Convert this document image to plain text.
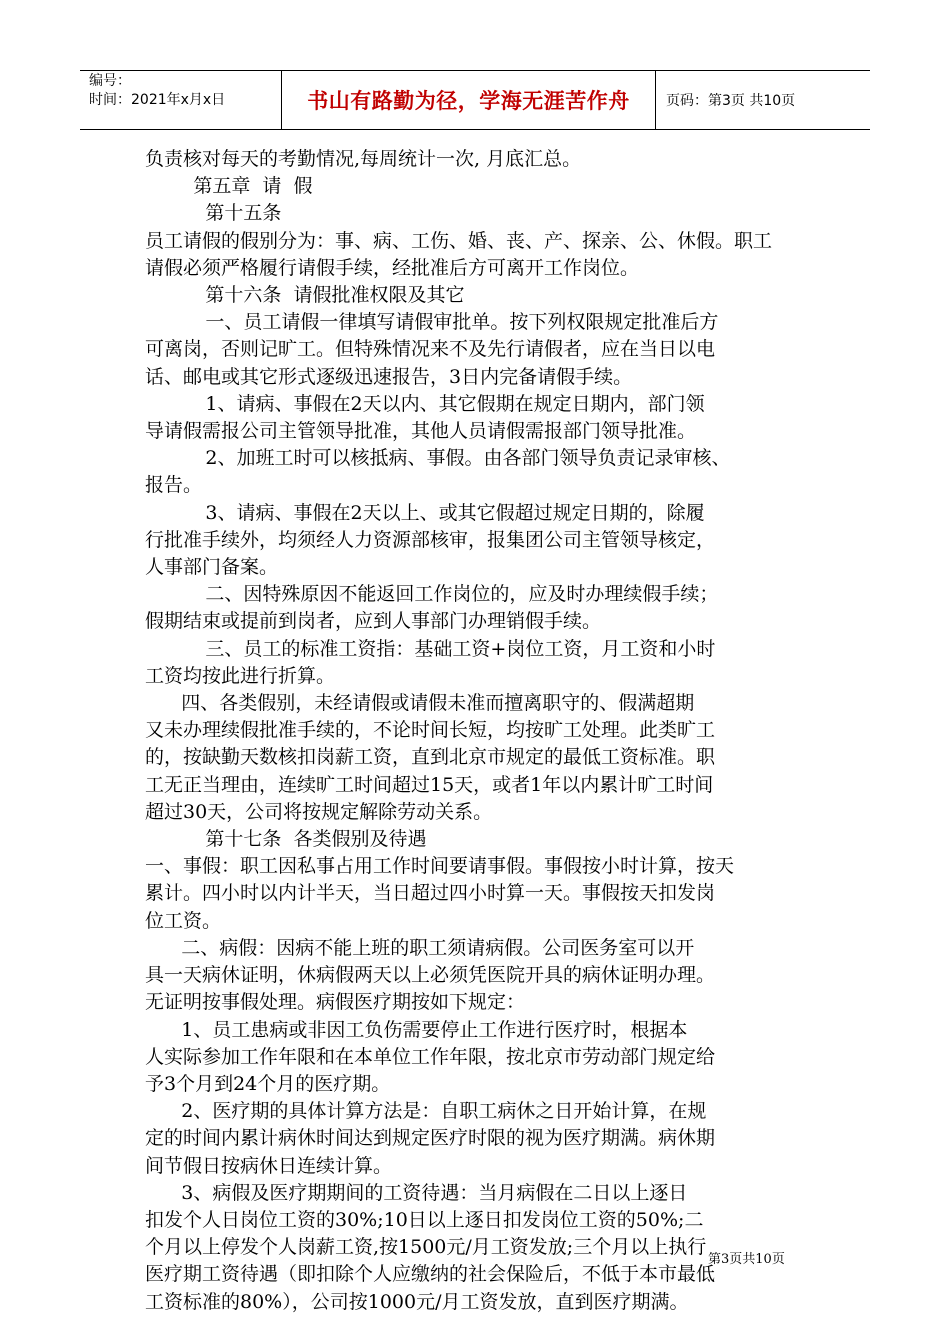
编号：
时间：2021年x月x日	书山有路勤为径，学海无涯苦作舟	页码：第3页 共10页

负责核对每天的考勤情况,每周统计一次, 月底汇总。

第五章  请  假

第十五条

员工请假的假别分为：事、病、工伤、婚、丧、产、探亲、公、休假。职工

请假必须严格履行请假手续，经批准后方可离开工作岗位。

第十六条  请假批准权限及其它

一、员工请假一律填写请假审批单。按下列权限规定批准后方

可离岗，否则记旷工。但特殊情况来不及先行请假者，应在当日以电

话、邮电或其它形式逐级迅速报告，3日内完备请假手续。

1、请病、事假在2天以内、其它假期在规定日期内，部门领

导请假需报公司主管领导批准，其他人员请假需报部门领导批准。

2、加班工时可以核抵病、事假。由各部门领导负责记录审核、

报告。

3、请病、事假在2天以上、或其它假超过规定日期的，除履

行批准手续外，均须经人力资源部核审，报集团公司主管领导核定，

人事部门备案。

二、因特殊原因不能返回工作岗位的，应及时办理续假手续；

假期结束或提前到岗者，应到人事部门办理销假手续。

三、员工的标准工资指：基础工资+岗位工资，月工资和小时

工资均按此进行折算。

四、各类假别，未经请假或请假未准而擅离职守的、假满超期

又未办理续假批准手续的，不论时间长短，均按旷工处理。此类旷工

的，按缺勤天数核扣岗薪工资，直到北京市规定的最低工资标准。职

工无正当理由，连续旷工时间超过15天，或者1年以内累计旷工时间

超过30天，公司将按规定解除劳动关系。

第十七条  各类假别及待遇

一、事假：职工因私事占用工作时间要请事假。事假按小时计算，按天

累计。四小时以内计半天，当日超过四小时算一天。事假按天扣发岗

位工资。

二、病假：因病不能上班的职工须请病假。公司医务室可以开

具一天病休证明，休病假两天以上必须凭医院开具的病休证明办理。

无证明按事假处理。病假医疗期按如下规定：

1、员工患病或非因工负伤需要停止工作进行医疗时，根据本

人实际参加工作年限和在本单位工作年限，按北京市劳动部门规定给

予3个月到24个月的医疗期。

2、医疗期的具体计算方法是：自职工病休之日开始计算，在规

定的时间内累计病休时间达到规定医疗时限的视为医疗期满。病休期

间节假日按病休日连续计算。

3、病假及医疗期期间的工资待遇：当月病假在二日以上逐日

扣发个人日岗位工资的30%;10日以上逐日扣发岗位工资的50%;二

个月以上停发个人岗薪工资,按1500元/月工资发放;三个月以上执行

医疗期工资待遇（即扣除个人应缴纳的社会保险后，不低于本市最低

工资标准的80%），公司按1000元/月工资发放，直到医疗期满。

第3页共10页
